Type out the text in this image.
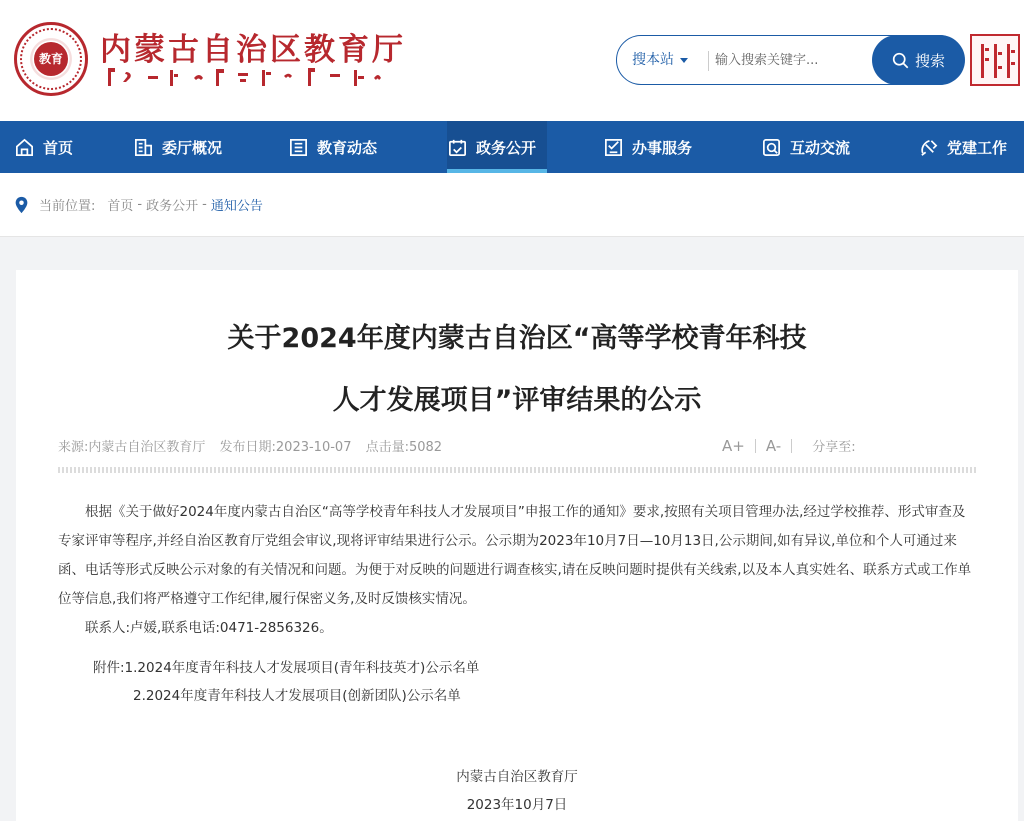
教育 内蒙古自治区教育厅	搜本站
输入搜索关键字...	搜索
首页	委厅概况	教育动态	政务公开	办事服务	互动交流	党建工作
当前位置: 首页 - 政务公开 - 通知公告
关于2024年度内蒙古自治区“高等学校青年科技
人才发展项目”评审结果的公示
来源:内蒙古自治区教育厅 发布日期:2023-10-07 点击量:5082	A+ A- 分享至:

根据《关于做好2024年度内蒙古自治区“高等学校青年科技人才发展项目”申报工作的通知》要求,按照有关项目管理办法,经过学校推荐、形式审查及专家评审等程序,并经自治区教育厅党组会审议,现将评审结果进行公示。公示期为2023年10月7日—10月13日,公示期间,如有异议,单位和个人可通过来函、电话等形式反映公示对象的有关情况和问题。为便于对反映的问题进行调查核实,请在反映问题时提供有关线索,以及本人真实姓名、联系方式或工作单位等信息,我们将严格遵守工作纪律,履行保密义务,及时反馈核实情况。

联系人:卢媛,联系电话:0471-2856326。

附件:1.2024年度青年科技人才发展项目(青年科技英才)公示名单
2.2024年度青年科技人才发展项目(创新团队)公示名单
内蒙古自治区教育厅
2023年10月7日
